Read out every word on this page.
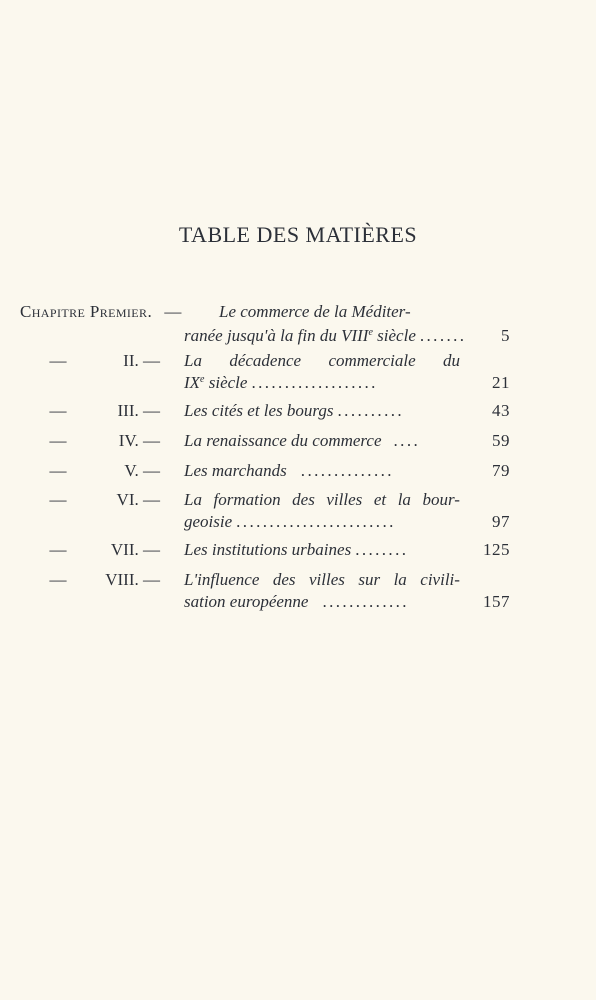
TABLE DES MATIÈRES
Chapitre Premier. — Le commerce de la Méditer-
ranée jusqu'à la fin du VIIIe siècle .......	5
—	II. — La décadence commerciale du
IXe siècle ...................	21
—	III. — Les cités et les bourgs ..........	43
—	IV. — La renaissance du commerce ....	59
—	V. — Les marchands ..............	79
—	VI. — La formation des villes et la bour-
geoisie ........................	97
—	VII. — Les institutions urbaines ........	125
—	VIII. — L'influence des villes sur la civili-
sation européenne .............	157
